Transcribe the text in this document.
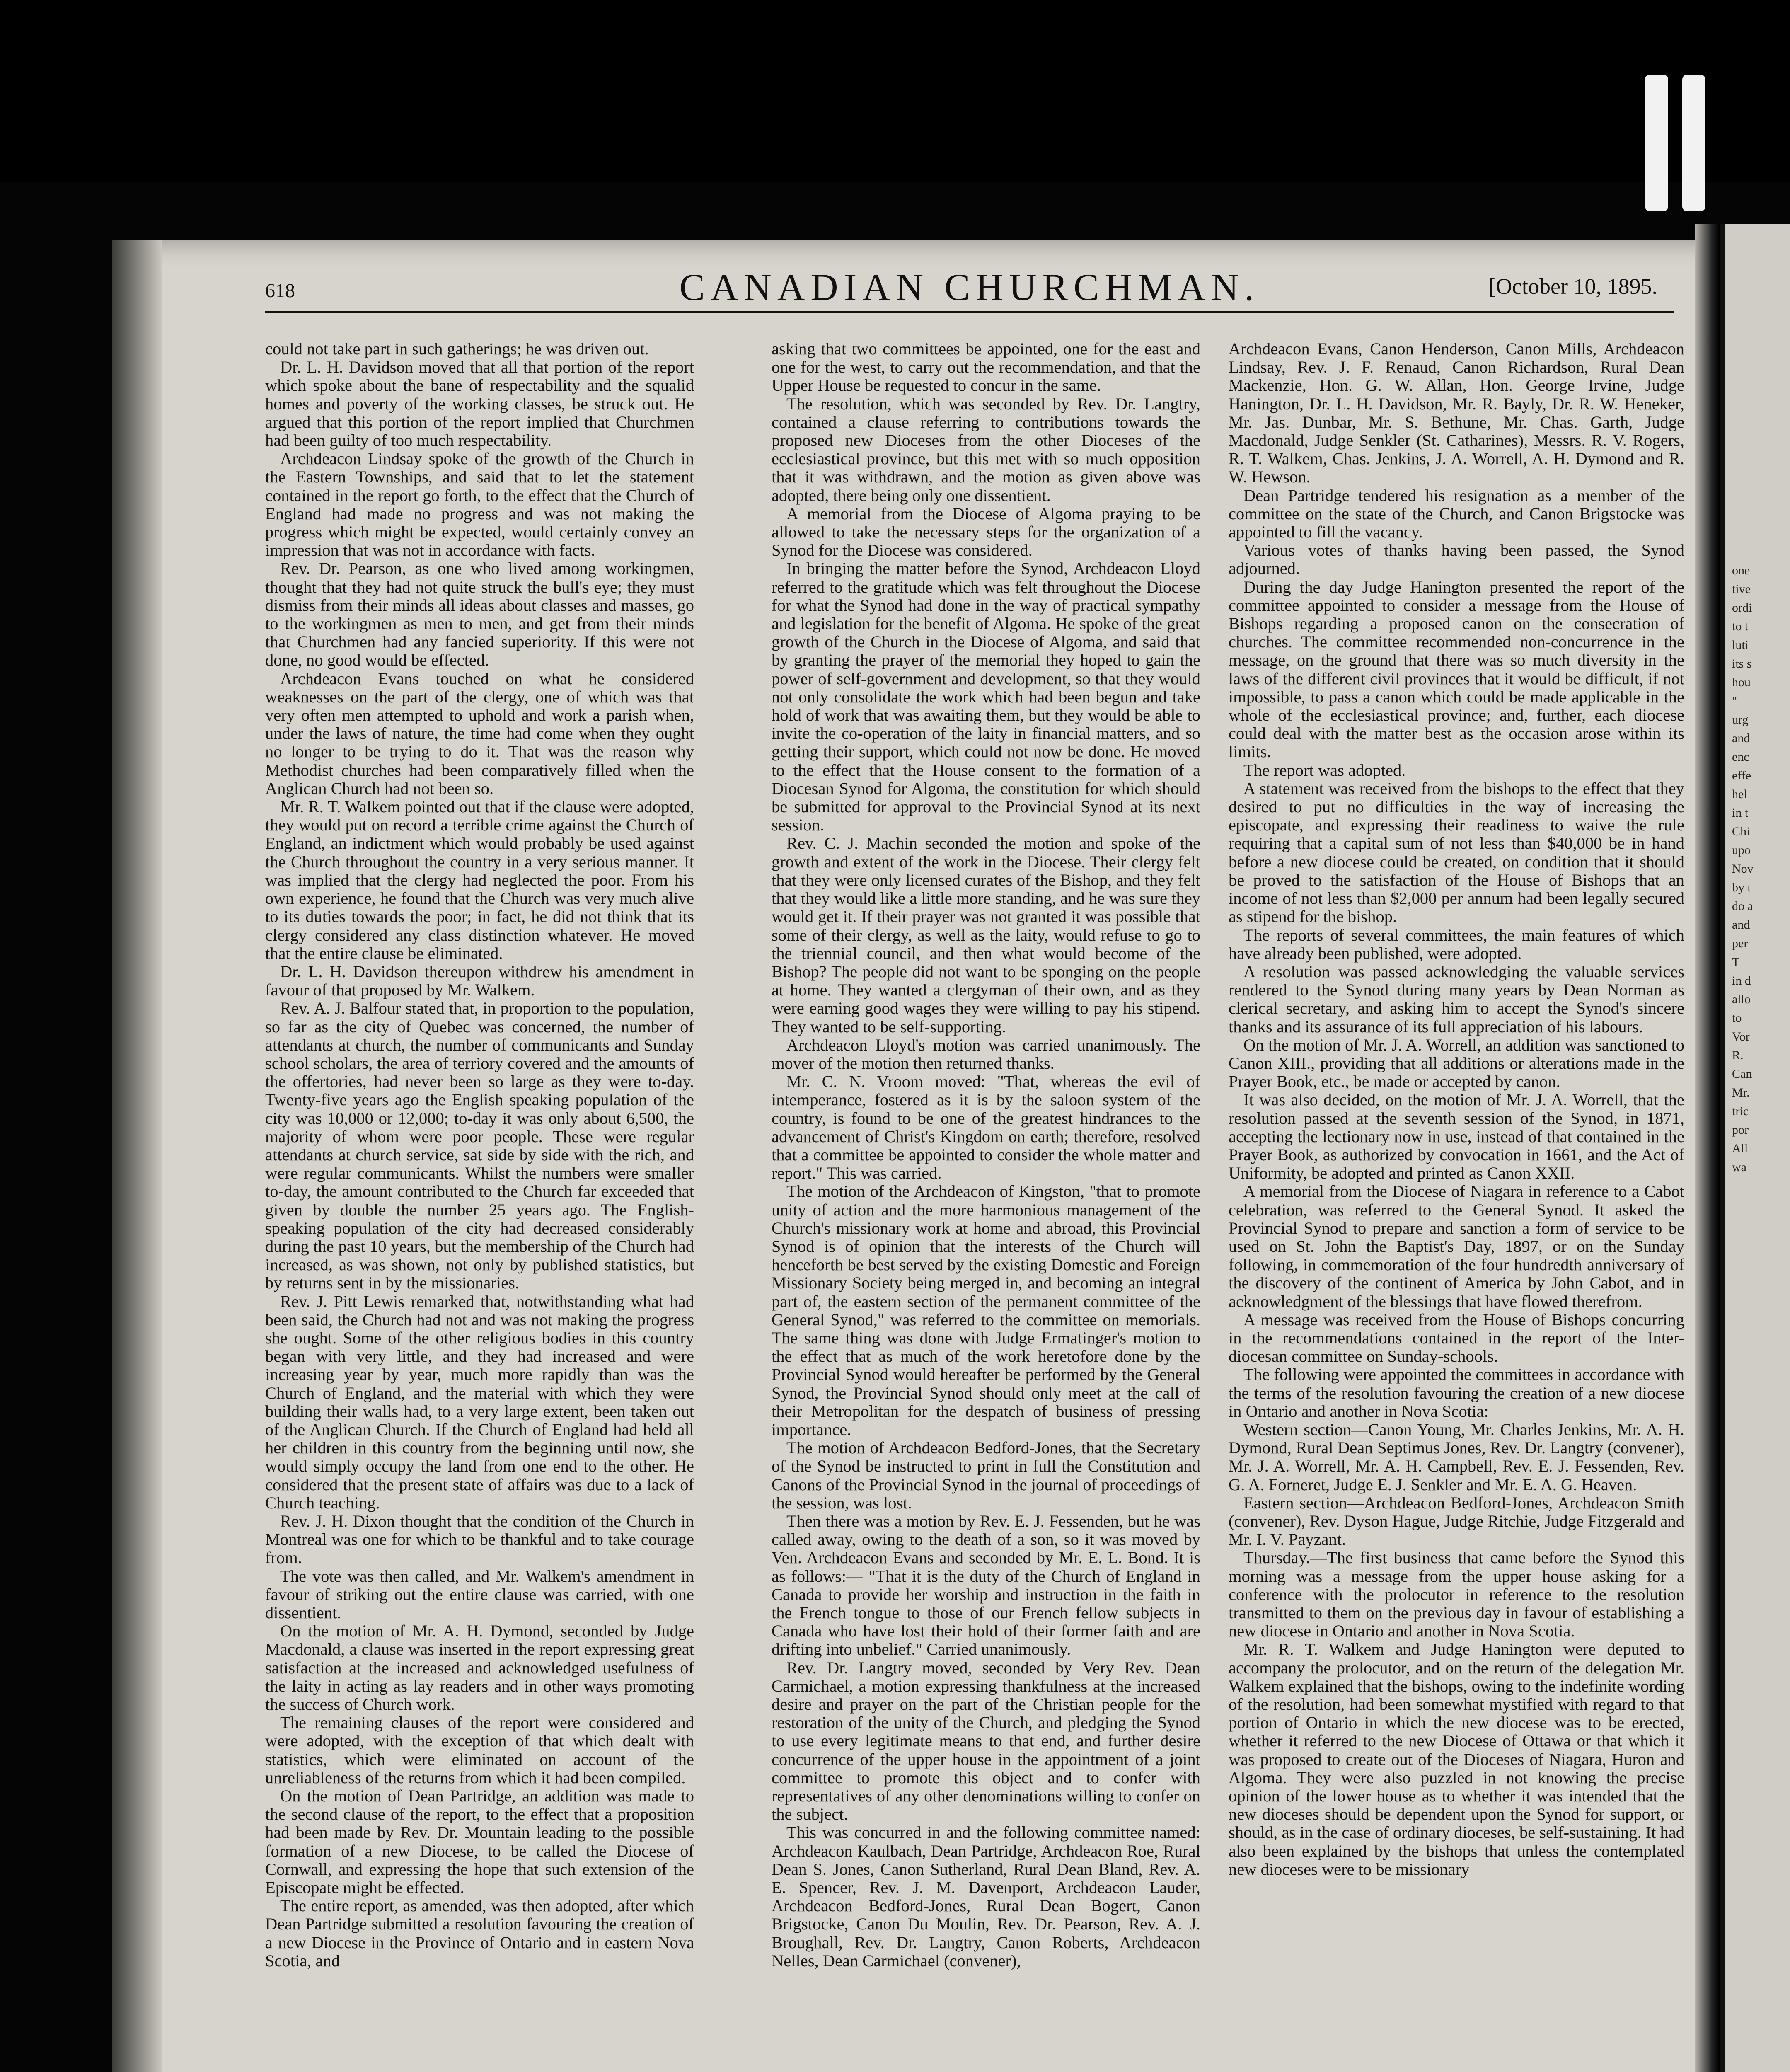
618	CANADIAN CHURCHMAN.	[October 10, 1895.

could not take part in such gatherings; he was driven out.

Dr. L. H. Davidson moved that all that portion of the report which spoke about the bane of respectability and the squalid homes and poverty of the working classes, be struck out. He argued that this portion of the report implied that Churchmen had been guilty of too much respectability.

Archdeacon Lindsay spoke of the growth of the Church in the Eastern Townships, and said that to let the statement contained in the report go forth, to the effect that the Church of England had made no progress and was not making the progress which might be expected, would certainly convey an impression that was not in accordance with facts.

Rev. Dr. Pearson, as one who lived among workingmen, thought that they had not quite struck the bull's eye; they must dismiss from their minds all ideas about classes and masses, go to the workingmen as men to men, and get from their minds that Churchmen had any fancied superiority. If this were not done, no good would be effected.

Archdeacon Evans touched on what he considered weaknesses on the part of the clergy, one of which was that very often men attempted to uphold and work a parish when, under the laws of nature, the time had come when they ought no longer to be trying to do it. That was the reason why Methodist churches had been comparatively filled when the Anglican Church had not been so.

Mr. R. T. Walkem pointed out that if the clause were adopted, they would put on record a terrible crime against the Church of England, an indictment which would probably be used against the Church throughout the country in a very serious manner. It was implied that the clergy had neglected the poor. From his own experience, he found that the Church was very much alive to its duties towards the poor; in fact, he did not think that its clergy considered any class distinction whatever. He moved that the entire clause be eliminated.

Dr. L. H. Davidson thereupon withdrew his amendment in favour of that proposed by Mr. Walkem.

Rev. A. J. Balfour stated that, in proportion to the population, so far as the city of Quebec was concerned, the number of attendants at church, the number of communicants and Sunday school scholars, the area of terriory covered and the amounts of the offertories, had never been so large as they were to-day. Twenty-five years ago the English speaking population of the city was 10,000 or 12,000; to-day it was only about 6,500, the majority of whom were poor people. These were regular attendants at church service, sat side by side with the rich, and were regular communicants. Whilst the numbers were smaller to-day, the amount contributed to the Church far exceeded that given by double the number 25 years ago. The English-speaking population of the city had decreased considerably during the past 10 years, but the membership of the Church had increased, as was shown, not only by published statistics, but by returns sent in by the missionaries.

Rev. J. Pitt Lewis remarked that, notwithstanding what had been said, the Church had not and was not making the progress she ought. Some of the other religious bodies in this country began with very little, and they had increased and were increasing year by year, much more rapidly than was the Church of England, and the material with which they were building their walls had, to a very large extent, been taken out of the Anglican Church. If the Church of England had held all her children in this country from the beginning until now, she would simply occupy the land from one end to the other. He considered that the present state of affairs was due to a lack of Church teaching.

Rev. J. H. Dixon thought that the condition of the Church in Montreal was one for which to be thankful and to take courage from.

The vote was then called, and Mr. Walkem's amendment in favour of striking out the entire clause was carried, with one dissentient.

On the motion of Mr. A. H. Dymond, seconded by Judge Macdonald, a clause was inserted in the report expressing great satisfaction at the increased and acknowledged usefulness of the laity in acting as lay readers and in other ways promoting the success of Church work.

The remaining clauses of the report were considered and were adopted, with the exception of that which dealt with statistics, which were eliminated on account of the unreliableness of the returns from which it had been compiled.

On the motion of Dean Partridge, an addition was made to the second clause of the report, to the effect that a proposition had been made by Rev. Dr. Mountain leading to the possible formation of a new Diocese, to be called the Diocese of Cornwall, and expressing the hope that such extension of the Episcopate might be effected.

The entire report, as amended, was then adopted, after which Dean Partridge submitted a resolution favouring the creation of a new Diocese in the Province of Ontario and in eastern Nova Scotia, and

asking that two committees be appointed, one for the east and one for the west, to carry out the recommendation, and that the Upper House be requested to concur in the same.

The resolution, which was seconded by Rev. Dr. Langtry, contained a clause referring to contributions towards the proposed new Dioceses from the other Dioceses of the ecclesiastical province, but this met with so much opposition that it was withdrawn, and the motion as given above was adopted, there being only one dissentient.

A memorial from the Diocese of Algoma praying to be allowed to take the necessary steps for the organization of a Synod for the Diocese was considered.

In bringing the matter before the Synod, Archdeacon Lloyd referred to the gratitude which was felt throughout the Diocese for what the Synod had done in the way of practical sympathy and legislation for the benefit of Algoma. He spoke of the great growth of the Church in the Diocese of Algoma, and said that by granting the prayer of the memorial they hoped to gain the power of self-government and development, so that they would not only consolidate the work which had been begun and take hold of work that was awaiting them, but they would be able to invite the co-operation of the laity in financial matters, and so getting their support, which could not now be done. He moved to the effect that the House consent to the formation of a Diocesan Synod for Algoma, the constitution for which should be submitted for approval to the Provincial Synod at its next session.

Rev. C. J. Machin seconded the motion and spoke of the growth and extent of the work in the Diocese. Their clergy felt that they were only licensed curates of the Bishop, and they felt that they would like a little more standing, and he was sure they would get it. If their prayer was not granted it was possible that some of their clergy, as well as the laity, would refuse to go to the triennial council, and then what would become of the Bishop? The people did not want to be sponging on the people at home. They wanted a clergyman of their own, and as they were earning good wages they were willing to pay his stipend. They wanted to be self-supporting.

Archdeacon Lloyd's motion was carried unanimously. The mover of the motion then returned thanks.

Mr. C. N. Vroom moved: "That, whereas the evil of intemperance, fostered as it is by the saloon system of the country, is found to be one of the greatest hindrances to the advancement of Christ's Kingdom on earth; therefore, resolved that a committee be appointed to consider the whole matter and report." This was carried.

The motion of the Archdeacon of Kingston, "that to promote unity of action and the more harmonious management of the Church's missionary work at home and abroad, this Provincial Synod is of opinion that the interests of the Church will henceforth be best served by the existing Domestic and Foreign Missionary Society being merged in, and becoming an integral part of, the eastern section of the permanent committee of the General Synod," was referred to the committee on memorials. The same thing was done with Judge Ermatinger's motion to the effect that as much of the work heretofore done by the Provincial Synod would hereafter be performed by the General Synod, the Provincial Synod should only meet at the call of their Metropolitan for the despatch of business of pressing importance.

The motion of Archdeacon Bedford-Jones, that the Secretary of the Synod be instructed to print in full the Constitution and Canons of the Provincial Synod in the journal of proceedings of the session, was lost.

Then there was a motion by Rev. E. J. Fessenden, but he was called away, owing to the death of a son, so it was moved by Ven. Archdeacon Evans and seconded by Mr. E. L. Bond. It is as follows:— "That it is the duty of the Church of England in Canada to provide her worship and instruction in the faith in the French tongue to those of our French fellow subjects in Canada who have lost their hold of their former faith and are drifting into unbelief." Carried unanimously.

Rev. Dr. Langtry moved, seconded by Very Rev. Dean Carmichael, a motion expressing thankfulness at the increased desire and prayer on the part of the Christian people for the restoration of the unity of the Church, and pledging the Synod to use every legitimate means to that end, and further desire concurrence of the upper house in the appointment of a joint committee to promote this object and to confer with representatives of any other denominations willing to confer on the subject.

This was concurred in and the following committee named: Archdeacon Kaulbach, Dean Partridge, Archdeacon Roe, Rural Dean S. Jones, Canon Sutherland, Rural Dean Bland, Rev. A. E. Spencer, Rev. J. M. Davenport, Archdeacon Lauder, Archdeacon Bedford-Jones, Rural Dean Bogert, Canon Brigstocke, Canon Du Moulin, Rev. Dr. Pearson, Rev. A. J. Broughall, Rev. Dr. Langtry, Canon Roberts, Archdeacon Nelles, Dean Carmichael (convener),

Archdeacon Evans, Canon Henderson, Canon Mills, Archdeacon Lindsay, Rev. J. F. Renaud, Canon Richardson, Rural Dean Mackenzie, Hon. G. W. Allan, Hon. George Irvine, Judge Hanington, Dr. L. H. Davidson, Mr. R. Bayly, Dr. R. W. Heneker, Mr. Jas. Dunbar, Mr. S. Bethune, Mr. Chas. Garth, Judge Macdonald, Judge Senkler (St. Catharines), Messrs. R. V. Rogers, R. T. Walkem, Chas. Jenkins, J. A. Worrell, A. H. Dymond and R. W. Hewson.

Dean Partridge tendered his resignation as a member of the committee on the state of the Church, and Canon Brigstocke was appointed to fill the vacancy.

Various votes of thanks having been passed, the Synod adjourned.

During the day Judge Hanington presented the report of the committee appointed to consider a message from the House of Bishops regarding a proposed canon on the consecration of churches. The committee recommended non-concurrence in the message, on the ground that there was so much diversity in the laws of the different civil provinces that it would be difficult, if not impossible, to pass a canon which could be made applicable in the whole of the ecclesiastical province; and, further, each diocese could deal with the matter best as the occasion arose within its limits.

The report was adopted.

A statement was received from the bishops to the effect that they desired to put no difficulties in the way of increasing the episcopate, and expressing their readiness to waive the rule requiring that a capital sum of not less than $40,000 be in hand before a new diocese could be created, on condition that it should be proved to the satisfaction of the House of Bishops that an income of not less than $2,000 per annum had been legally secured as stipend for the bishop.

The reports of several committees, the main features of which have already been published, were adopted.

A resolution was passed acknowledging the valuable services rendered to the Synod during many years by Dean Norman as clerical secretary, and asking him to accept the Synod's sincere thanks and its assurance of its full appreciation of his labours.

On the motion of Mr. J. A. Worrell, an addition was sanctioned to Canon XIII., providing that all additions or alterations made in the Prayer Book, etc., be made or accepted by canon.

It was also decided, on the motion of Mr. J. A. Worrell, that the resolution passed at the seventh session of the Synod, in 1871, accepting the lectionary now in use, instead of that contained in the Prayer Book, as authorized by convocation in 1661, and the Act of Uniformity, be adopted and printed as Canon XXII.

A memorial from the Diocese of Niagara in reference to a Cabot celebration, was referred to the General Synod. It asked the Provincial Synod to prepare and sanction a form of service to be used on St. John the Baptist's Day, 1897, or on the Sunday following, in commemoration of the four hundredth anniversary of the discovery of the continent of America by John Cabot, and in acknowledgment of the blessings that have flowed therefrom.

A message was received from the House of Bishops concurring in the recommendations contained in the report of the Inter-diocesan committee on Sunday-schools.

The following were appointed the committees in accordance with the terms of the resolution favouring the creation of a new diocese in Ontario and another in Nova Scotia:

Western section—Canon Young, Mr. Charles Jenkins, Mr. A. H. Dymond, Rural Dean Septimus Jones, Rev. Dr. Langtry (convener), Mr. J. A. Worrell, Mr. A. H. Campbell, Rev. E. J. Fessenden, Rev. G. A. Forneret, Judge E. J. Senkler and Mr. E. A. G. Heaven.

Eastern section—Archdeacon Bedford-Jones, Archdeacon Smith (convener), Rev. Dyson Hague, Judge Ritchie, Judge Fitzgerald and Mr. I. V. Payzant.

Thursday.—The first business that came before the Synod this morning was a message from the upper house asking for a conference with the prolocutor in reference to the resolution transmitted to them on the previous day in favour of establishing a new diocese in Ontario and another in Nova Scotia.

Mr. R. T. Walkem and Judge Hanington were deputed to accompany the prolocutor, and on the return of the delegation Mr. Walkem explained that the bishops, owing to the indefinite wording of the resolution, had been somewhat mystified with regard to that portion of Ontario in which the new diocese was to be erected, whether it referred to the new Diocese of Ottawa or that which it was proposed to create out of the Dioceses of Niagara, Huron and Algoma. They were also puzzled in not knowing the precise opinion of the lower house as to whether it was intended that the new dioceses should be dependent upon the Synod for support, or should, as in the case of ordinary dioceses, be self-sustaining. It had also been explained by the bishops that unless the contemplated new dioceses were to be missionary

one
tive
ordi
to t
luti
its s
hou
"
urg
and
enc
effe
hel
in t
Chi
upo
Nov
by t
do a
and
per
T
in d
allo
to
Vor
R.
Can
Mr.
tric
por
All
wa
